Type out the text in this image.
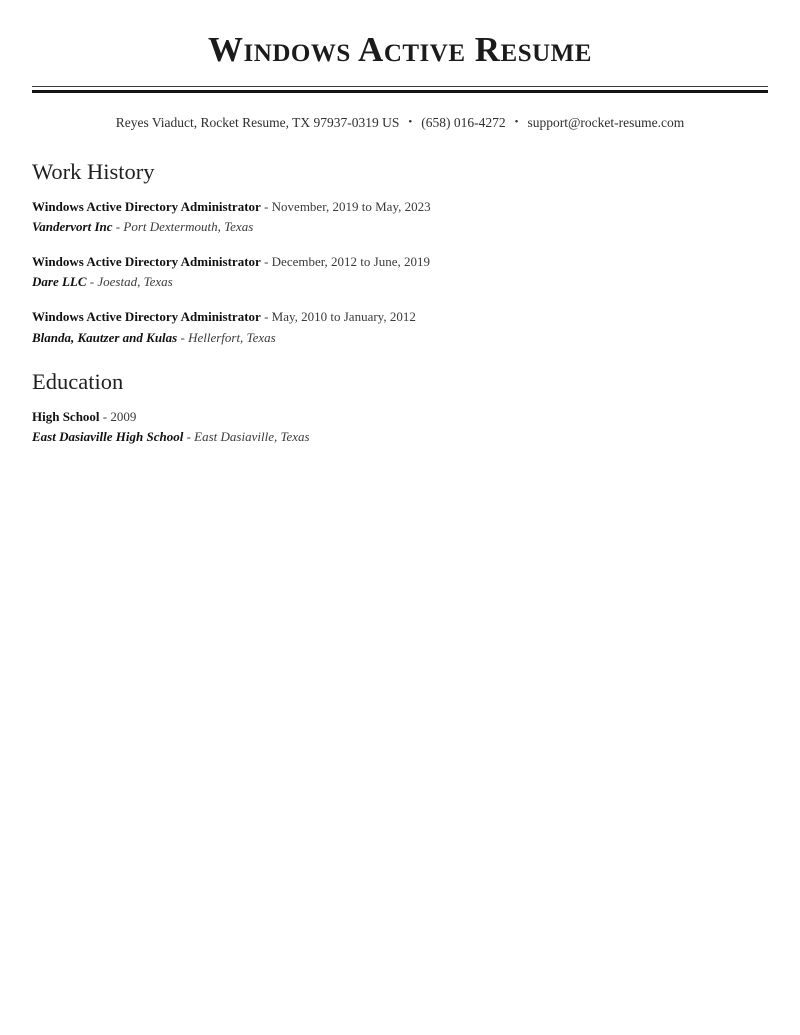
Windows Active Resume
Reyes Viaduct, Rocket Resume, TX 97937-0319 US • (658) 016-4272 • support@rocket-resume.com
Work History
Windows Active Directory Administrator - November, 2019 to May, 2023
Vandervort Inc - Port Dextermouth, Texas
Windows Active Directory Administrator - December, 2012 to June, 2019
Dare LLC - Joestad, Texas
Windows Active Directory Administrator - May, 2010 to January, 2012
Blanda, Kautzer and Kulas - Hellerfort, Texas
Education
High School - 2009
East Dasiaville High School - East Dasiaville, Texas
